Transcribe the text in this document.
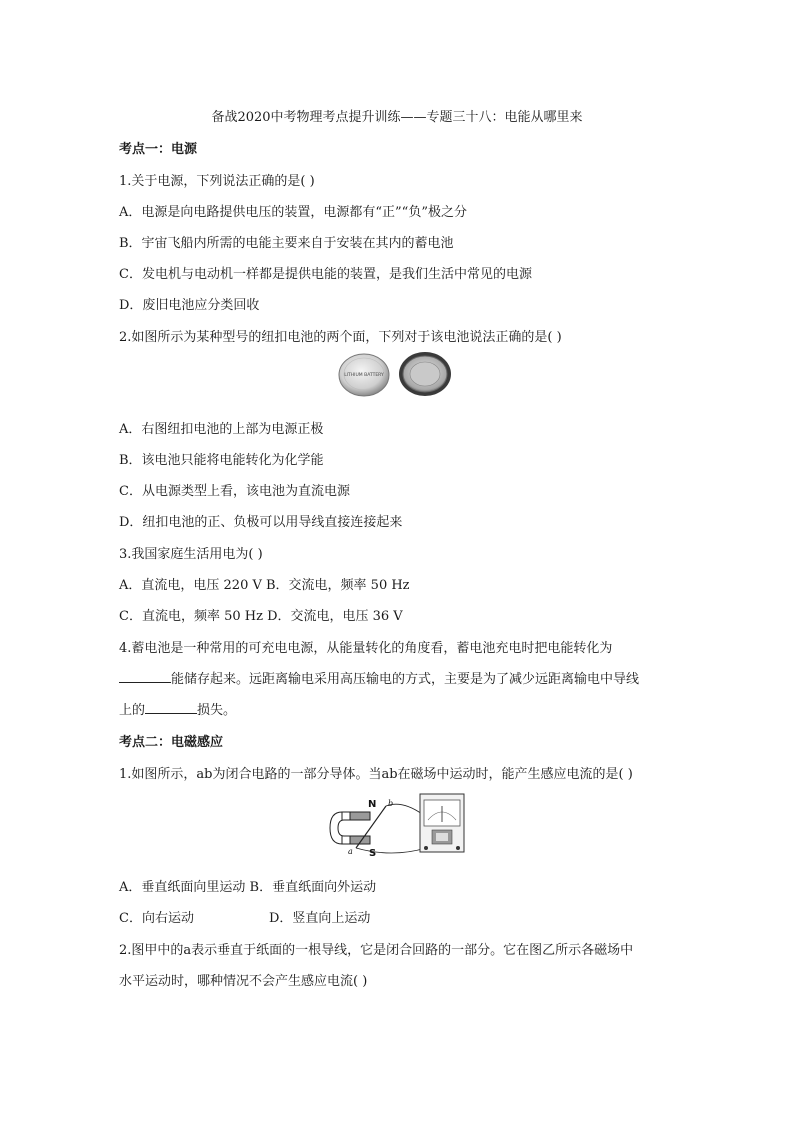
备战2020中考物理考点提升训练——专题三十八：电能从哪里来
考点一：电源
1.关于电源，下列说法正确的是( )
A．电源是向电路提供电压的装置，电源都有“正”“负”极之分
B．宇宙飞船内所需的电能主要来自于安装在其内的蓄电池
C．发电机与电动机一样都是提供电能的装置，是我们生活中常见的电源
D．废旧电池应分类回收
2.如图所示为某种型号的纽扣电池的两个面，下列对于该电池说法正确的是( )
LITHIUM BATTERY
A．右图纽扣电池的上部为电源正极
B．该电池只能将电能转化为化学能
C．从电源类型上看，该电池为直流电源
D．纽扣电池的正、负极可以用导线直接连接起来
3.我国家庭生活用电为( )
A．直流电，电压 220 V B．交流电，频率 50 Hz
C．直流电，频率 50 Hz D．交流电，电压 36 V
4.蓄电池是一种常用的可充电电源，从能量转化的角度看，蓄电池充电时把电能转化为
能储存起来。远距离输电采用高压输电的方式，主要是为了减少远距离输电中导线
上的	损失。
考点二：电磁感应
1.如图所示，ab为闭合电路的一部分导体。当ab在磁场中运动时，能产生感应电流的是( )
N
S
b
a
A．垂直纸面向里运动 B．垂直纸面向外运动
C．向右运动	D．竖直向上运动
2.图甲中的a表示垂直于纸面的一根导线，它是闭合回路的一部分。它在图乙所示各磁场中
水平运动时，哪种情况不会产生感应电流( )
